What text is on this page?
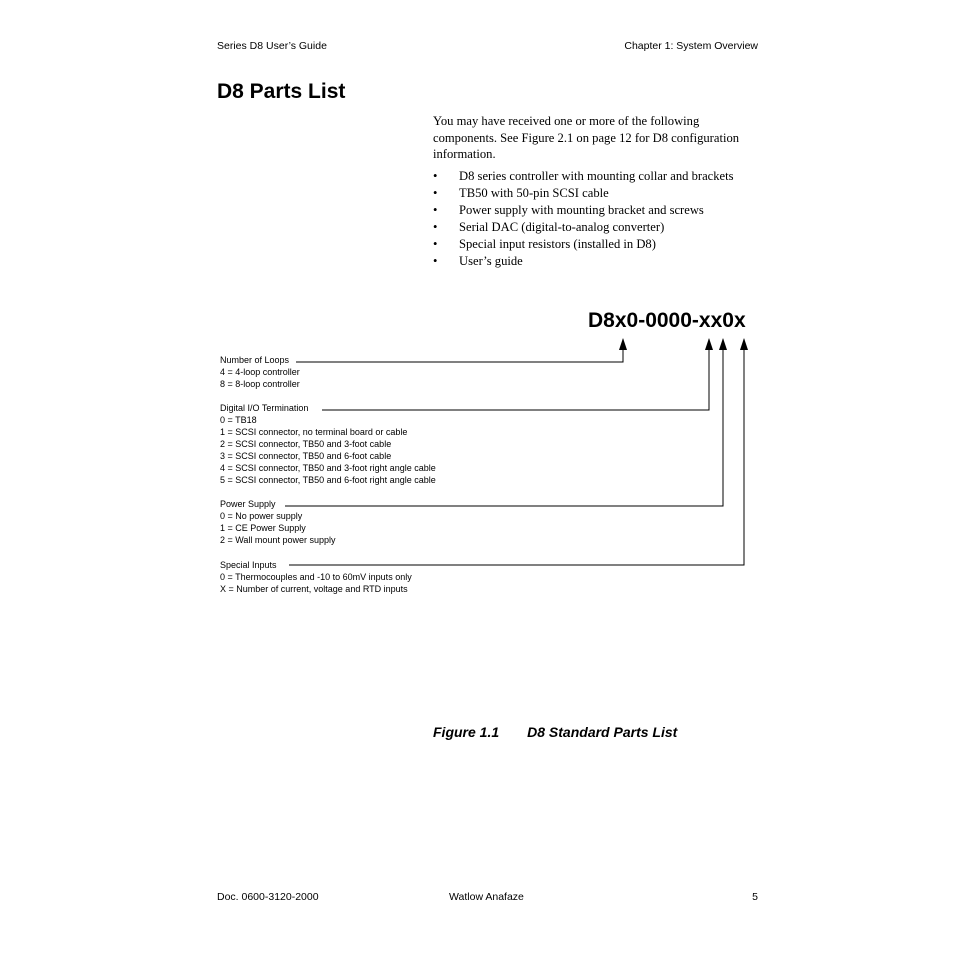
Series D8 User’s Guide	Chapter 1: System Overview
D8 Parts List

You may have received one or more of the following components. See Figure 2.1 on page 12 for D8 configuration information.

• D8 series controller with mounting collar and brackets
• TB50 with 50-pin SCSI cable
• Power supply with mounting bracket and screws
• Serial DAC (digital-to-analog converter)
• Special input resistors (installed in D8)
• User’s guide
D8x0-0000-xx0x
Number of Loops
4 = 4-loop controller
8 = 8-loop controller
Digital I/O Termination
0 = TB18
1 = SCSI connector, no terminal board or cable
2 = SCSI connector, TB50 and 3-foot cable
3 = SCSI connector, TB50 and 6-foot cable
4 = SCSI connector, TB50 and 3-foot right angle cable
5 = SCSI connector, TB50 and 6-foot right angle cable
Power Supply
0 = No power supply
1 = CE Power Supply
2 = Wall mount power supply
Special Inputs
0 = Thermocouples and -10 to 60mV inputs only
X = Number of current, voltage and RTD inputs
Figure 1.1 D8 Standard Parts List
Doc. 0600-3120-2000	Watlow Anafaze	5
